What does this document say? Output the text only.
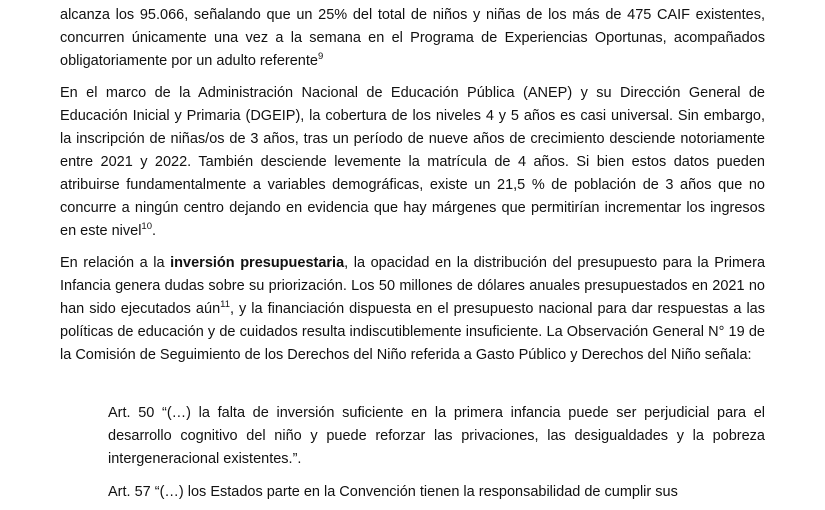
alcanza los 95.066, señalando que un 25% del total de niños y niñas de los más de 475 CAIF existentes, concurren únicamente una vez a la semana en el Programa de Experiencias Oportunas, acompañados obligatoriamente por un adulto referente$^9$

En el marco de la Administración Nacional de Educación Pública (ANEP) y su Dirección General de Educación Inicial y Primaria (DGEIP), la cobertura de los niveles 4 y 5 años es casi universal. Sin embargo, la inscripción de niñas/os de 3 años, tras un período de nueve años de crecimiento desciende notoriamente entre 2021 y 2022. También desciende levemente la matrícula de 4 años. Si bien estos datos pueden atribuirse fundamentalmente a variables demográficas, existe un 21,5 % de población de 3 años que no concurre a ningún centro dejando en evidencia que hay márgenes que permitirían incrementar los ingresos en este nivel$^{10}$.

En relación a la inversión presupuestaria, la opacidad en la distribución del presupuesto para la Primera Infancia genera dudas sobre su priorización. Los 50 millones de dólares anuales presupuestados en 2021 no han sido ejecutados aún$^{11}$, y la financiación dispuesta en el presupuesto nacional para dar respuestas a las políticas de educación y de cuidados resulta indiscutiblemente insuficiente. La Observación General N° 19 de la Comisión de Seguimiento de los Derechos del Niño referida a Gasto Público y Derechos del Niño señala:

Art. 50 “(…) la falta de inversión suficiente en la primera infancia puede ser perjudicial para el desarrollo cognitivo del niño y puede reforzar las privaciones, las desigualdades y la pobreza intergeneracional existentes.”.

Art. 57 “(…) los Estados parte en la Convención tienen la responsabilidad de cumplir sus
